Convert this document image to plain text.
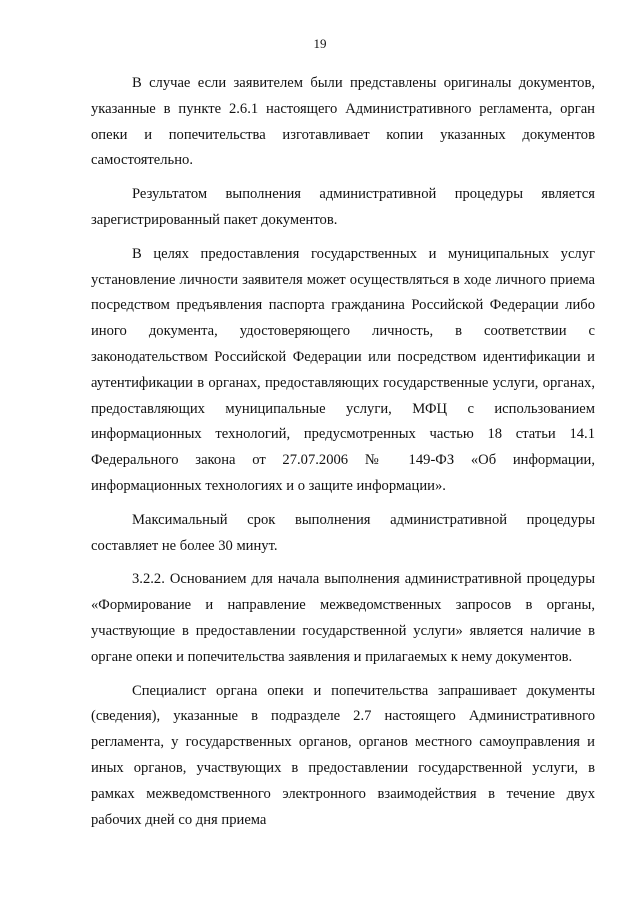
19

В случае если заявителем были представлены оригиналы документов, указанные в пункте 2.6.1 настоящего Административного регламента, орган опеки и попечительства изготавливает копии указанных документов самостоятельно.

Результатом выполнения административной процедуры является зарегистрированный пакет документов.

В целях предоставления государственных и муниципальных услуг установление личности заявителя может осуществляться в ходе личного приема посредством предъявления паспорта гражданина Российской Федерации либо иного документа, удостоверяющего личность, в соответствии с законодательством Российской Федерации или посредством идентификации и аутентификации в органах, предоставляющих государственные услуги, органах, предоставляющих муниципальные услуги, МФЦ с использованием информационных технологий, предусмотренных частью 18 статьи 14.1 Федерального закона от 27.07.2006 № 149-ФЗ «Об информации, информационных технологиях и о защите информации».

Максимальный срок выполнения административной процедуры составляет не более 30 минут.

3.2.2. Основанием для начала выполнения административной процедуры «Формирование и направление межведомственных запросов в органы, участвующие в предоставлении государственной услуги» является наличие в органе опеки и попечительства заявления и прилагаемых к нему документов.

Специалист органа опеки и попечительства запрашивает документы (сведения), указанные в подразделе 2.7 настоящего Административного регламента, у государственных органов, органов местного самоуправления и иных органов, участвующих в предоставлении государственной услуги, в рамках межведомственного электронного взаимодействия в течение двух рабочих дней со дня приема
